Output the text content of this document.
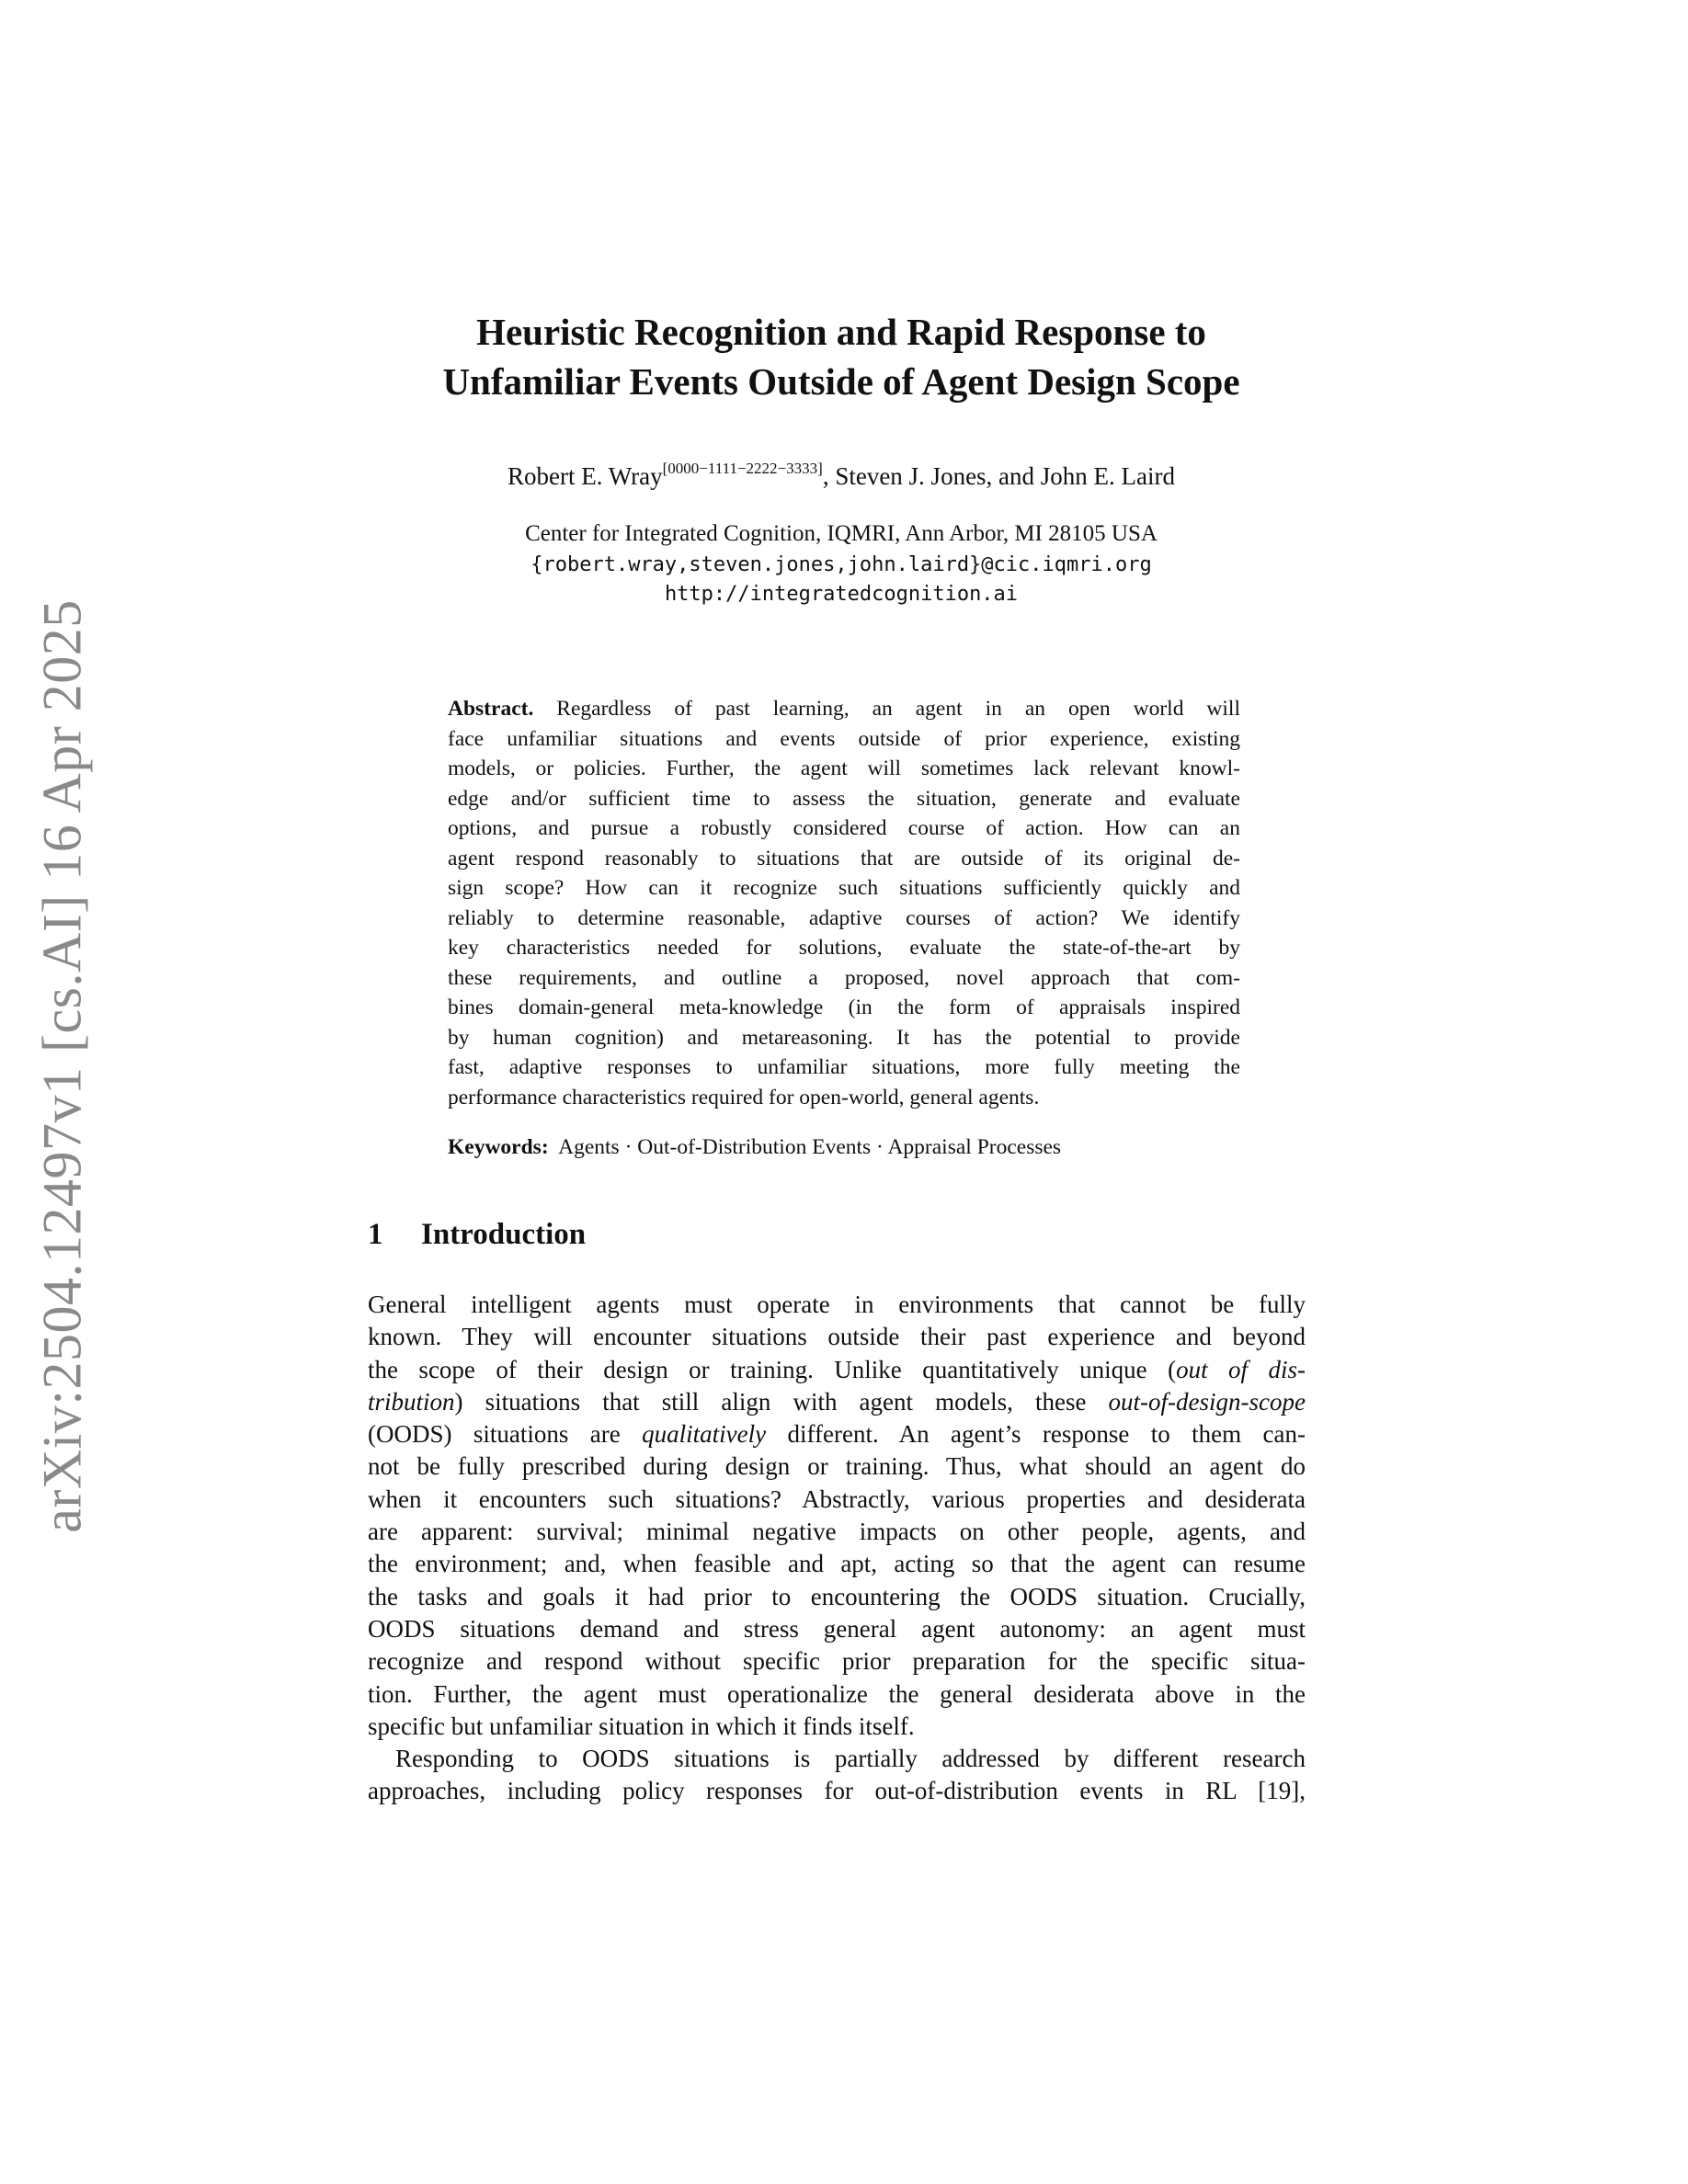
arXiv:2504.12497v1 [cs.AI] 16 Apr 2025
Heuristic Recognition and Rapid Response to
Unfamiliar Events Outside of Agent Design Scope
Robert E. Wray[0000−1111−2222−3333], Steven J. Jones, and John E. Laird
Center for Integrated Cognition, IQMRI, Ann Arbor, MI 28105 USA
{robert.wray,steven.jones,john.laird}@cic.iqmri.org
http://integratedcognition.ai
Abstract. Regardless of past learning, an agent in an open world will
face unfamiliar situations and events outside of prior experience, existing
models, or policies. Further, the agent will sometimes lack relevant knowl-
edge and/or sufficient time to assess the situation, generate and evaluate
options, and pursue a robustly considered course of action. How can an
agent respond reasonably to situations that are outside of its original de-
sign scope? How can it recognize such situations sufficiently quickly and
reliably to determine reasonable, adaptive courses of action? We identify
key characteristics needed for solutions, evaluate the state-of-the-art by
these requirements, and outline a proposed, novel approach that com-
bines domain-general meta-knowledge (in the form of appraisals inspired
by human cognition) and metareasoning. It has the potential to provide
fast, adaptive responses to unfamiliar situations, more fully meeting the
performance characteristics required for open-world, general agents.
Keywords: Agents · Out-of-Distribution Events · Appraisal Processes
1 Introduction
General intelligent agents must operate in environments that cannot be fully
known. They will encounter situations outside their past experience and beyond
the scope of their design or training. Unlike quantitatively unique (out of dis-
tribution) situations that still align with agent models, these out-of-design-scope
(OODS) situations are qualitatively different. An agent’s response to them can-
not be fully prescribed during design or training. Thus, what should an agent do
when it encounters such situations? Abstractly, various properties and desiderata
are apparent: survival; minimal negative impacts on other people, agents, and
the environment; and, when feasible and apt, acting so that the agent can resume
the tasks and goals it had prior to encountering the OODS situation. Crucially,
OODS situations demand and stress general agent autonomy: an agent must
recognize and respond without specific prior preparation for the specific situa-
tion. Further, the agent must operationalize the general desiderata above in the
specific but unfamiliar situation in which it finds itself.
Responding to OODS situations is partially addressed by different research
approaches, including policy responses for out-of-distribution events in RL [19],
